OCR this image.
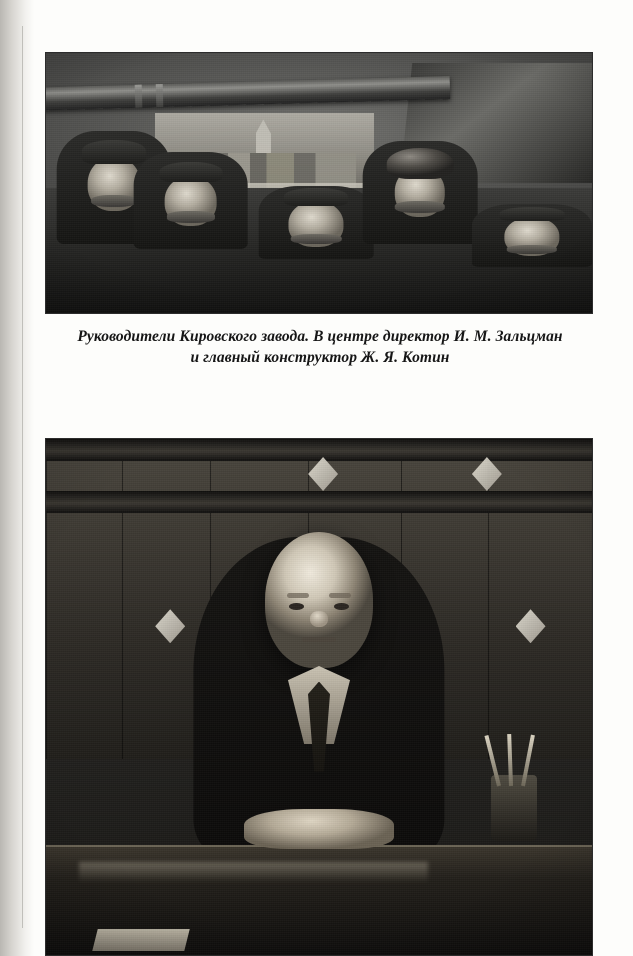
Руководители Кировского завода. В центре директор И. М. Зальцман
и главный конструктор Ж. Я. Котин
